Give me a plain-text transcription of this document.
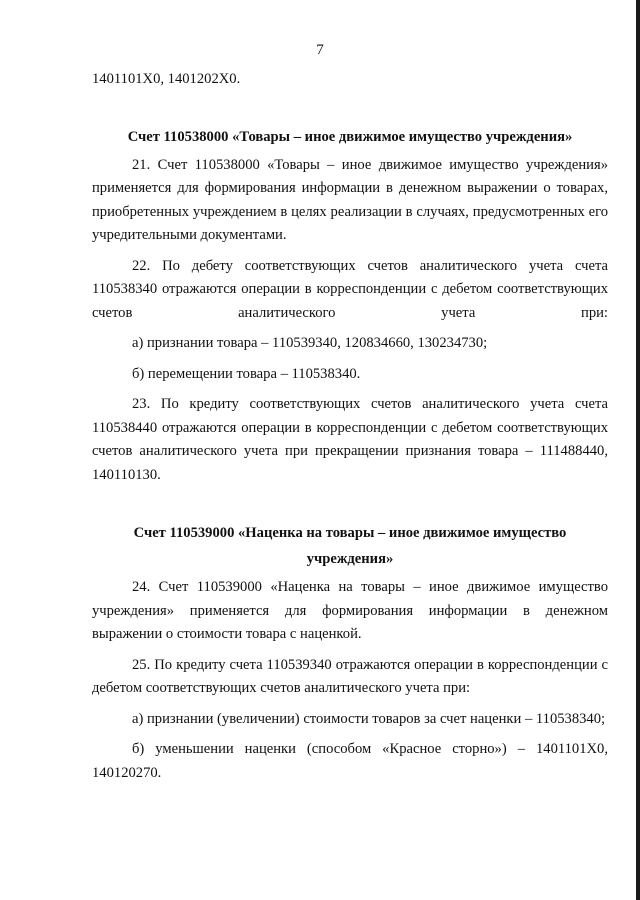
7

1401101Х0, 1401202Х0.

Счет 110538000 «Товары – иное движимое имущество учреждения»

21. Счет 110538000 «Товары – иное движимое имущество учреждения» применяется для формирования информации в денежном выражении о товарах, приобретенных учреждением в целях реализации в случаях, предусмотренных его учредительными документами.

22. По дебету соответствующих счетов аналитического учета счета 110538340 отражаются операции в корреспонденции с дебетом соответствующих счетов аналитического учета при:

а) признании товара – 110539340, 120834660, 130234730;

б) перемещении товара – 110538340.

23. По кредиту соответствующих счетов аналитического учета счета 110538440 отражаются операции в корреспонденции с дебетом соответствующих счетов аналитического учета при прекращении признания товара – 111488440, 140110130.

Счет 110539000 «Наценка на товары – иное движимое имущество

учреждения»

24. Счет 110539000 «Наценка на товары – иное движимое имущество учреждения» применяется для формирования информации в денежном выражении о стоимости товара с наценкой.

25. По кредиту счета 110539340 отражаются операции в корреспонденции с дебетом соответствующих счетов аналитического учета при:

а) признании (увеличении) стоимости товаров за счет наценки – 110538340;

б) уменьшении наценки (способом «Красное сторно») – 1401101Х0, 140120270.
